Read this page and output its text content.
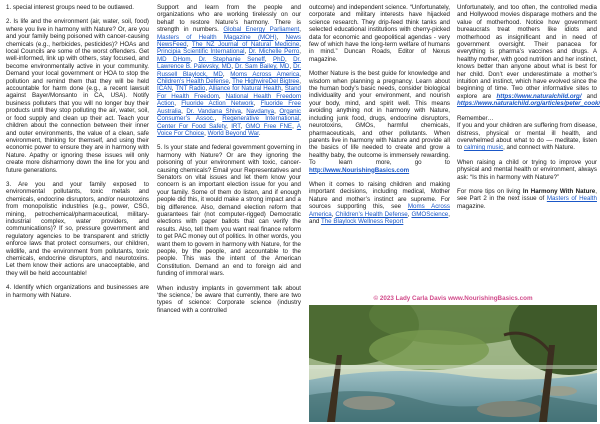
1. special interest groups need to be outlawed.

2. Is life and the environment (air, water, soil, food) where you live in harmony with Nature? Or, are you and your family being poisoned with cancer-causing chemicals (e.g., herbicides, pesticides)? HOAs and local Councils are some of the worst offenders. Get well-informed, link up with others, stay focused, and become environmentally active in your community. Demand your local government or HOA to stop the pollution and remind them that they will be held accountable for harm done (e.g., a recent lawsuit against Bayer/Monsanto in CA, USA). Notify business polluters that you will no longer buy their products until they stop polluting the air, water, soil, or food supply and clean up their act. Teach your children about the connection between their inner and outer environments, the value of a clean, safe environment, thinking for themself, and using their economic power to ensure they are in harmony with Nature. Apathy or ignoring these issues will only create more disharmony down the line for you and future generations.

3. Are you and your family exposed to environmental pollutants, toxic metals and chemicals, endocrine disruptors, and/or neurotoxins from monopolistic industries (e.g., power, CSG, mining, petrochemical/pharmaceutical, military-industrial complex, water providers, and communications)? If so, pressure government and regulatory agencies to be transparent and strictly enforce laws that protect consumers, our children, wildlife, and the environment from pollutants, toxic chemicals, endocrine disruptors, and neurotoxins. Let them know their actions are unacceptable, and they will be held accountable!

4. Identify which organizations and businesses are in harmony with Nature.

Support and learn from the people and organizations who are working tirelessly on our behalf to restore Nature’s harmony. There is strength in numbers. Global Energy Parliament, Masters of Health Magazine (MOH), News NewsFeed, The NZ Journal of Natural Medicine, Principia Scientific International, Dr. Michelle Perro, MD DHom, Dr. Stephanie Seneff, PhD, Dr. Lawrence B. Palevsky, MD, Dr. Sam Bailey, MD, Dr. Russell Blaylock, MD, Moms Across America, Children’s Health Defense, The HighwireDel Bigtree, ICAN, TNT Radio, Alliance for Natural Health, Stand For Health Freedom, National Health Freedom Action, Fluoride Action Network, Fluoride Free Australia, Dr. Vandana Shiva, Navdanya, Organic Consumer’s Assoc., Regenerative International, Center For Food Safety, IRT, GMO Free FNE, A Voice For Choice, World Beyond War.

5. Is your state and federal government governing in harmony with Nature? Or are they ignoring the poisoning of your environment with toxic, cancer-causing chemicals? Email your Representatives and Senators on vital issues and let them know your concern is an important election issue for you and your family. Some of them do listen, and if enough people did this, it would make a strong impact and a big difference. Also, demand election reform that guarantees fair (not computer-rigged) Democratic elections with paper ballots that can verify the results. Also, tell them you want real finance reform to get PAC money out of politics. In other words, you want them to govern in harmony with Nature, for the people, by the people, and accountable to the people. This was the intent of the American Constitution. Demand an end to foreign aid and funding of immoral wars.

When industry implants in government talk about ‘the science,’ be aware that currently, there are two types of science: Corporate science (industry financed with a controlled

outcome) and independent science. “Unfortunately, corporate and military interests have hijacked science research. They drip-feed think tanks and selected educational institutions with cherry-picked data for economic and geopolitical agendas - very few of which have the long-term welfare of humans in mind.” Duncan Roads, Editor of Nexus magazine.

Mother Nature is the best guide for knowledge and wisdom when planning a pregnancy. Learn about the human body’s basic needs, consider biological individuality and your environment, and nourish your body, mind, and spirit well. This means avoiding anything not in harmony with Nature, including junk food, drugs, endocrine disruptors, neurotoxins, GMOs, harmful chemicals, pharmaceuticals, and other pollutants. When parents live in harmony with Nature and provide all the basics of life needed to create and grow a healthy baby, the outcome is immensely rewarding. To learn more, go to http://www.NourishingBasics.com

When it comes to raising children and making important decisions, including medical, Mother Nature and mother’s instinct are supreme. For sources supporting this, see Moms Across America, Children’s Health Defense, GMOScience, and The Blaylock Wellness Report

Unfortunately, and too often, the controlled media and Hollywood movies disparage mothers and the value of motherhood. Notice how government bureaucrats treat mothers like idiots and motherhood as insignificant and in need of government oversight. Their panacea for everything is pharma’s vaccines and drugs. A healthy mother, with good nutrition and her instinct, knows better than anyone about what is best for her child. Don’t ever underestimate a mother’s intuition and instinct, which have evolved since the beginning of time. Two other informative sites to explore are https://www.naturalchild.org/ and https://www.naturalchild.org/articles/peter_cook/

Remember…

If you and your children are suffering from disease, distress, physical or mental ill health, and overwhelmed about what to do — meditate, listen to calming music, and connect with Nature.

When raising a child or trying to improve your physical and mental health or environment, always ask: “Is this in harmony with Nature?”

For more tips on living In Harmony With Nature, see Part 2 in the next issue of Masters of Health magazine.

© 2023 Lady Carla Davis www.NourishingBasics.com
